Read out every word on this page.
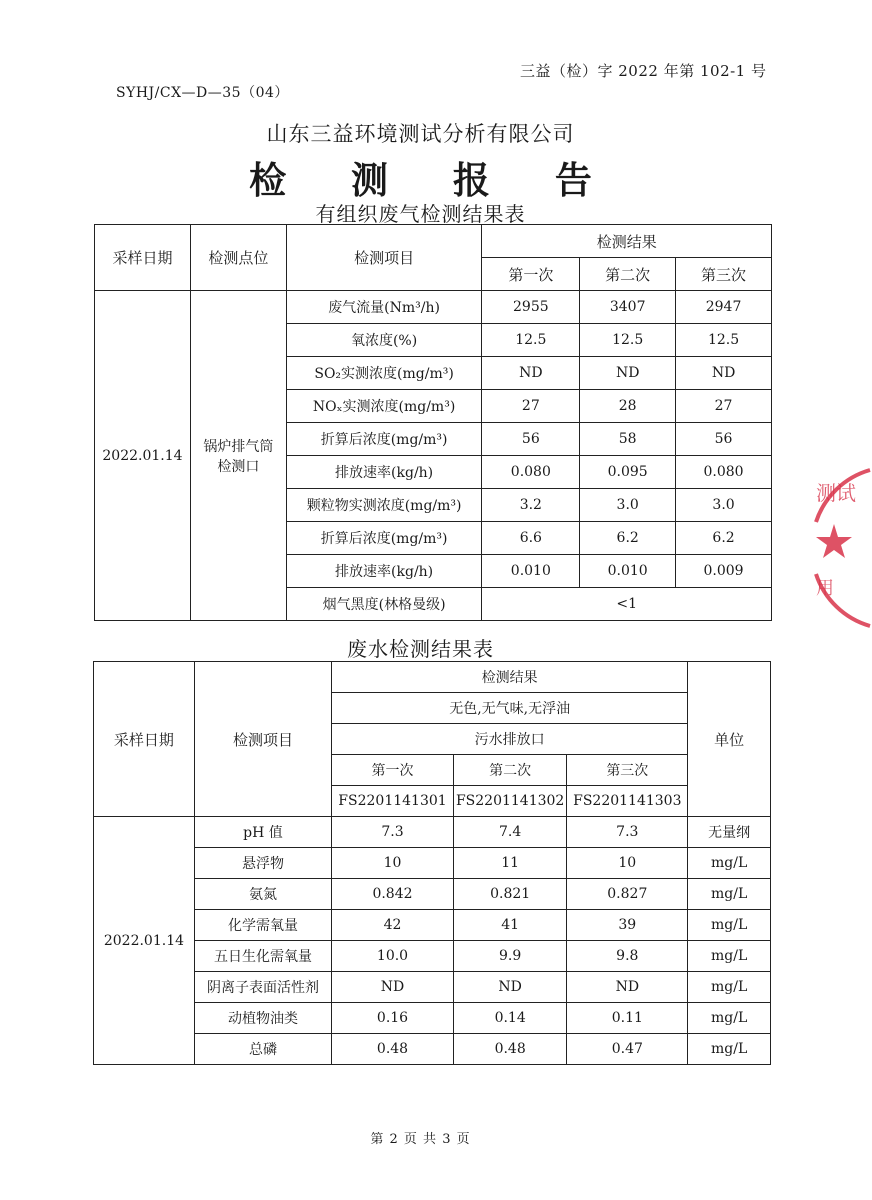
三益（检）字 2022 年第 102-1 号
SYHJ/CX—D—35（04）
山东三益环境测试分析有限公司
检 测 报 告
有组织废气检测结果表
采样日期	检测点位	检测项目	检测结果		
			第一次	第二次	第三次
2022.01.14	锅炉排气筒
检测口	废气流量(Nm³/h)	2955	3407	2947
		氧浓度(%)	12.5	12.5	12.5
		SO₂实测浓度(mg/m³)	ND	ND	ND
		NOₓ实测浓度(mg/m³)	27	28	27
		折算后浓度(mg/m³)	56	58	56
		排放速率(kg/h)	0.080	0.095	0.080
		颗粒物实测浓度(mg/m³)	3.2	3.0	3.0
		折算后浓度(mg/m³)	6.6	6.2	6.2
		排放速率(kg/h)	0.010	0.010	0.009
		烟气黑度(林格曼级)	<1		
废水检测结果表
采样日期	检测项目	检测结果			单位
		无色,无气味,无浮油			
		污水排放口			
		第一次	第二次	第三次	
		FS2201141301	FS2201141302	FS2201141303	
2022.01.14	pH 值	7.3	7.4	7.3	无量纲
	悬浮物	10	11	10	mg/L
	氨氮	0.842	0.821	0.827	mg/L
	化学需氧量	42	41	39	mg/L
	五日生化需氧量	10.0	9.9	9.8	mg/L
	阴离子表面活性剂	ND	ND	ND	mg/L
	动植物油类	0.16	0.14	0.11	mg/L
	总磷	0.48	0.48	0.47	mg/L
第 2 页 共 3 页
测试
用
